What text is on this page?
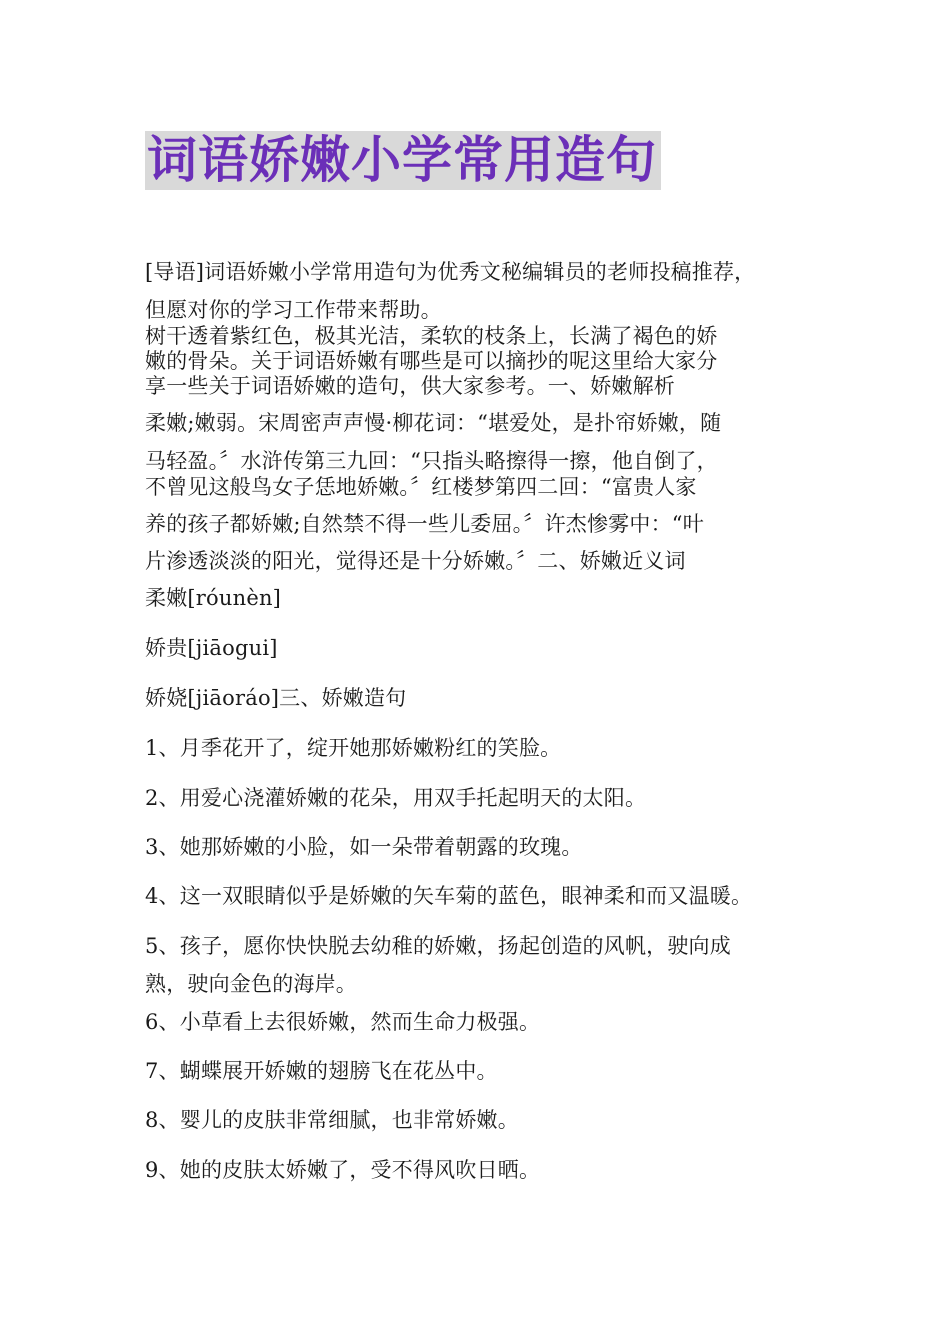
词语娇嫩小学常用造句
[导语]词语娇嫩小学常用造句为优秀文秘编辑员的老师投稿推荐，
但愿对你的学习工作带来帮助。
树干透着紫红色，极其光洁，柔软的枝条上，长满了褐色的娇
嫩的骨朵。关于词语娇嫩有哪些是可以摘抄的呢这里给大家分
享一些关于词语娇嫩的造句，供大家参考。一、娇嫩解析
柔嫩;嫩弱。宋周密声声慢·柳花词：“堪爱处，是扑帘娇嫩，随
马轻盈。〞水浒传第三九回：“只指头略擦得一擦，他自倒了，
不曾见这般鸟女子恁地娇嫩。〞红楼梦第四二回：“富贵人家
养的孩子都娇嫩;自然禁不得一些儿委屈。〞许杰惨雾中：“叶
片渗透淡淡的阳光，觉得还是十分娇嫩。〞二、娇嫩近义词
柔嫩[róunèn]
娇贵[jiāogui]
娇娆[jiāoráo]三、娇嫩造句
1、月季花开了，绽开她那娇嫩粉红的笑脸。
2、用爱心浇灌娇嫩的花朵，用双手托起明天的太阳。
3、她那娇嫩的小脸，如一朵带着朝露的玫瑰。
4、这一双眼睛似乎是娇嫩的矢车菊的蓝色，眼神柔和而又温暖。
5、孩子，愿你快快脱去幼稚的娇嫩，扬起创造的风帆，驶向成
熟，驶向金色的海岸。
6、小草看上去很娇嫩，然而生命力极强。
7、蝴蝶展开娇嫩的翅膀飞在花丛中。
8、婴儿的皮肤非常细腻，也非常娇嫩。
9、她的皮肤太娇嫩了，受不得风吹日晒。
